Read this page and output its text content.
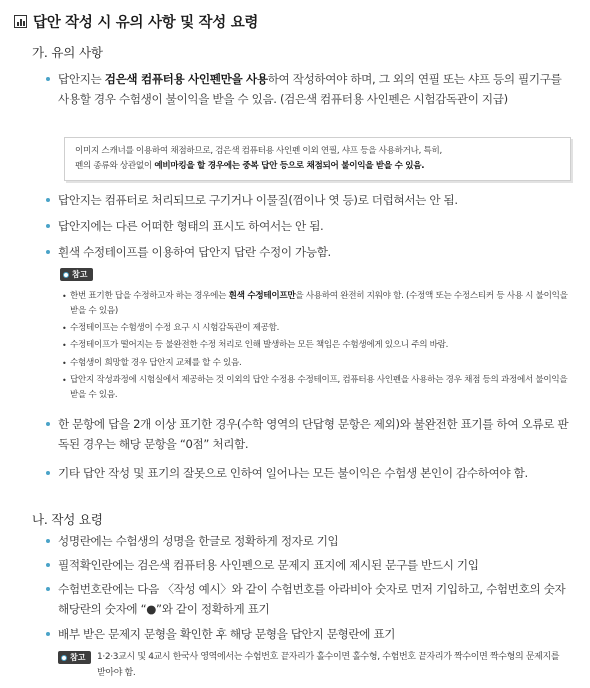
답안 작성 시 유의 사항 및 작성 요령
가. 유의 사항
답안지는 검은색 컴퓨터용 사인펜만을 사용하여 작성하여야 하며, 그 외의 연필 또는 샤프 등의 필기구를 사용할 경우 수험생이 불이익을 받을 수 있음. (검은색 컴퓨터용 사인펜은 시험감독관이 지급)
이미지 스캐너를 이용하여 채점하므로, 검은색 컴퓨터용 사인펜 이외 연필, 샤프 등을 사용하거나, 특히,
펜의 종류와 상관없이 예비마킹을 할 경우에는 중복 답안 등으로 채점되어 불이익을 받을 수 있음.
답안지는 컴퓨터로 처리되므로 구기거나 이물질(껌이나 엿 등)로 더럽혀서는 안 됨.
답안지에는 다른 어떠한 형태의 표시도 하여서는 안 됨.
흰색 수정테이프를 이용하여 답안지 답란 수정이 가능함.
참고
• 한번 표기한 답을 수정하고자 하는 경우에는 흰색 수정테이프만을 사용하여 완전히 지워야 함. (수정액 또는 수정스티커 등 사용 시 불이익을 받을 수 있음)
• 수정테이프는 수험생이 수정 요구 시 시험감독관이 제공함.
• 수정테이프가 떨어지는 등 불완전한 수정 처리로 인해 발생하는 모든 책임은 수험생에게 있으니 주의 바람.
• 수험생이 희망할 경우 답안지 교체를 할 수 있음.
• 답안지 작성과정에 시험실에서 제공하는 것 이외의 답안 수정용 수정테이프, 컴퓨터용 사인펜을 사용하는 경우 채점 등의 과정에서 불이익을 받을 수 있음.
한 문항에 답을 2개 이상 표기한 경우(수학 영역의 단답형 문항은 제외)와 불완전한 표기를 하여 오류로 판독된 경우는 해당 문항을 “0점” 처리함.
기타 답안 작성 및 표기의 잘못으로 인하여 일어나는 모든 불이익은 수험생 본인이 감수하여야 함.
나. 작성 요령
성명란에는 수험생의 성명을 한글로 정확하게 정자로 기입
필적확인란에는 검은색 컴퓨터용 사인펜으로 문제지 표지에 제시된 문구를 반드시 기입
수험번호란에는 다음 〈작성 예시〉와 같이 수험번호를 아라비아 숫자로 먼저 기입하고, 수험번호의 숫자 해당란의 숫자에 “●”와 같이 정확하게 표기
배부 받은 문제지 문형을 확인한 후 해당 문형을 답안지 문형란에 표기
참고 1·2·3교시 및 4교시 한국사 영역에서는 수험번호 끝자리가 홀수이면 홀수형, 수험번호 끝자리가 짝수이면 짝수형의 문제지를 받아야 함.
